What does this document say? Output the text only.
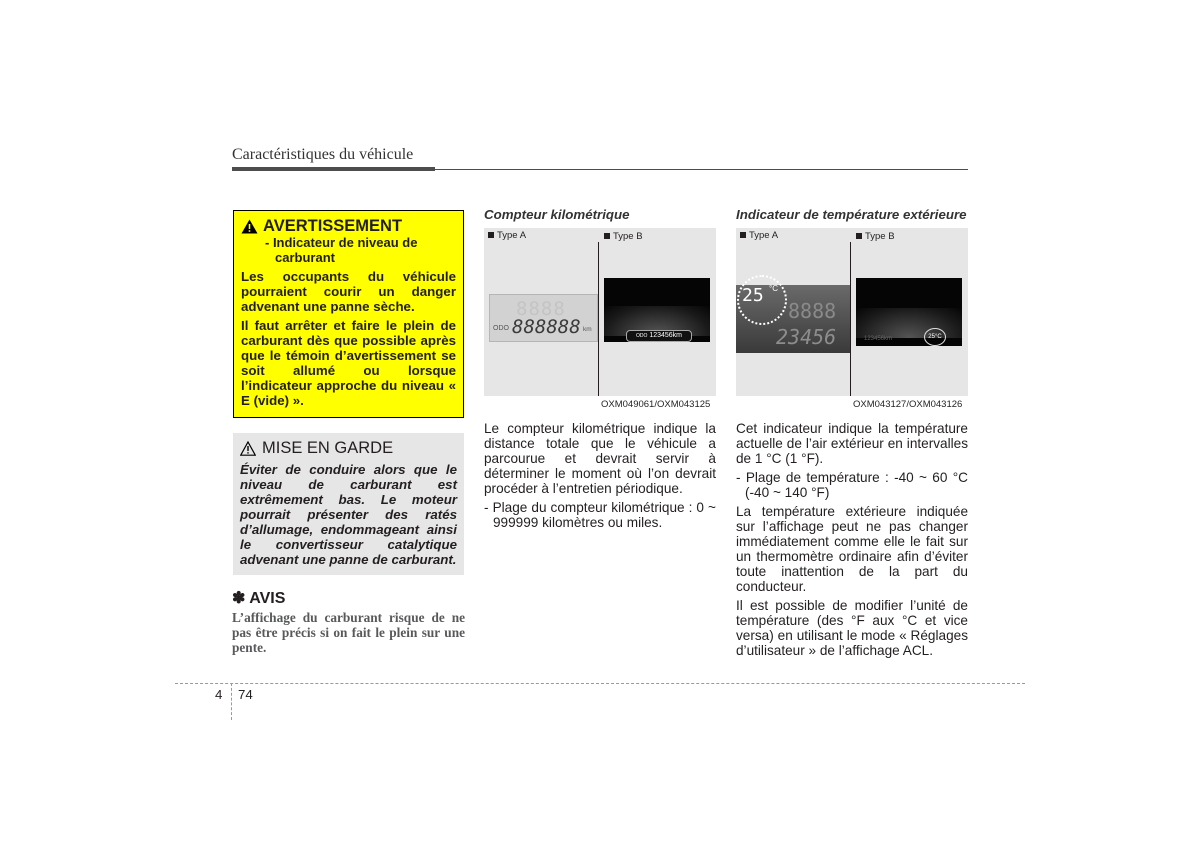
Caractéristiques du véhicule
AVERTISSEMENT
- Indicateur de niveau de
carburant
Les occupants du véhicule pourraient courir un danger advenant une panne sèche.
Il faut arrêter et faire le plein de carburant dès que possible après que le témoin d’avertissement se soit allumé ou lorsque l’indicateur approche du niveau « E (vide) ».
MISE EN GARDE
Éviter de conduire alors que le niveau de carburant est extrêmement bas. Le moteur pourrait présenter des ratés d’allumage, endommageant ainsi le convertisseur catalytique advenant une panne de carburant.
✽ AVIS
L’affichage du carburant risque de ne pas être précis si on fait le plein sur une pente.
Compteur kilométrique
Type A	Type B
8888
ODO 888888 km
ODO 123456km
OXM049061/OXM043125

Le compteur kilométrique indique la distance totale que le véhicule a parcourue et devrait servir à déterminer le moment où l’on devrait procéder à l’entretien périodique.

- Plage du compteur kilométrique : 0 ~ 999999 kilomètres ou miles.

Indicateur de température extérieure
Type A	Type B
8888
23456
25 °C
123456km	25°C
OXM043127/OXM043126

Cet indicateur indique la température actuelle de l’air extérieur en intervalles de 1 °C (1 °F).

- Plage de température : -40 ~ 60 °C (-40 ~ 140 °F)

La température extérieure indiquée sur l’affichage peut ne pas changer immédiatement comme elle le fait sur un thermomètre ordinaire afin d’éviter toute inattention de la part du conducteur.

Il est possible de modifier l’unité de température (des °F aux °C et vice versa) en utilisant le mode « Réglages d’utilisateur » de l’affichage ACL.

4 74
